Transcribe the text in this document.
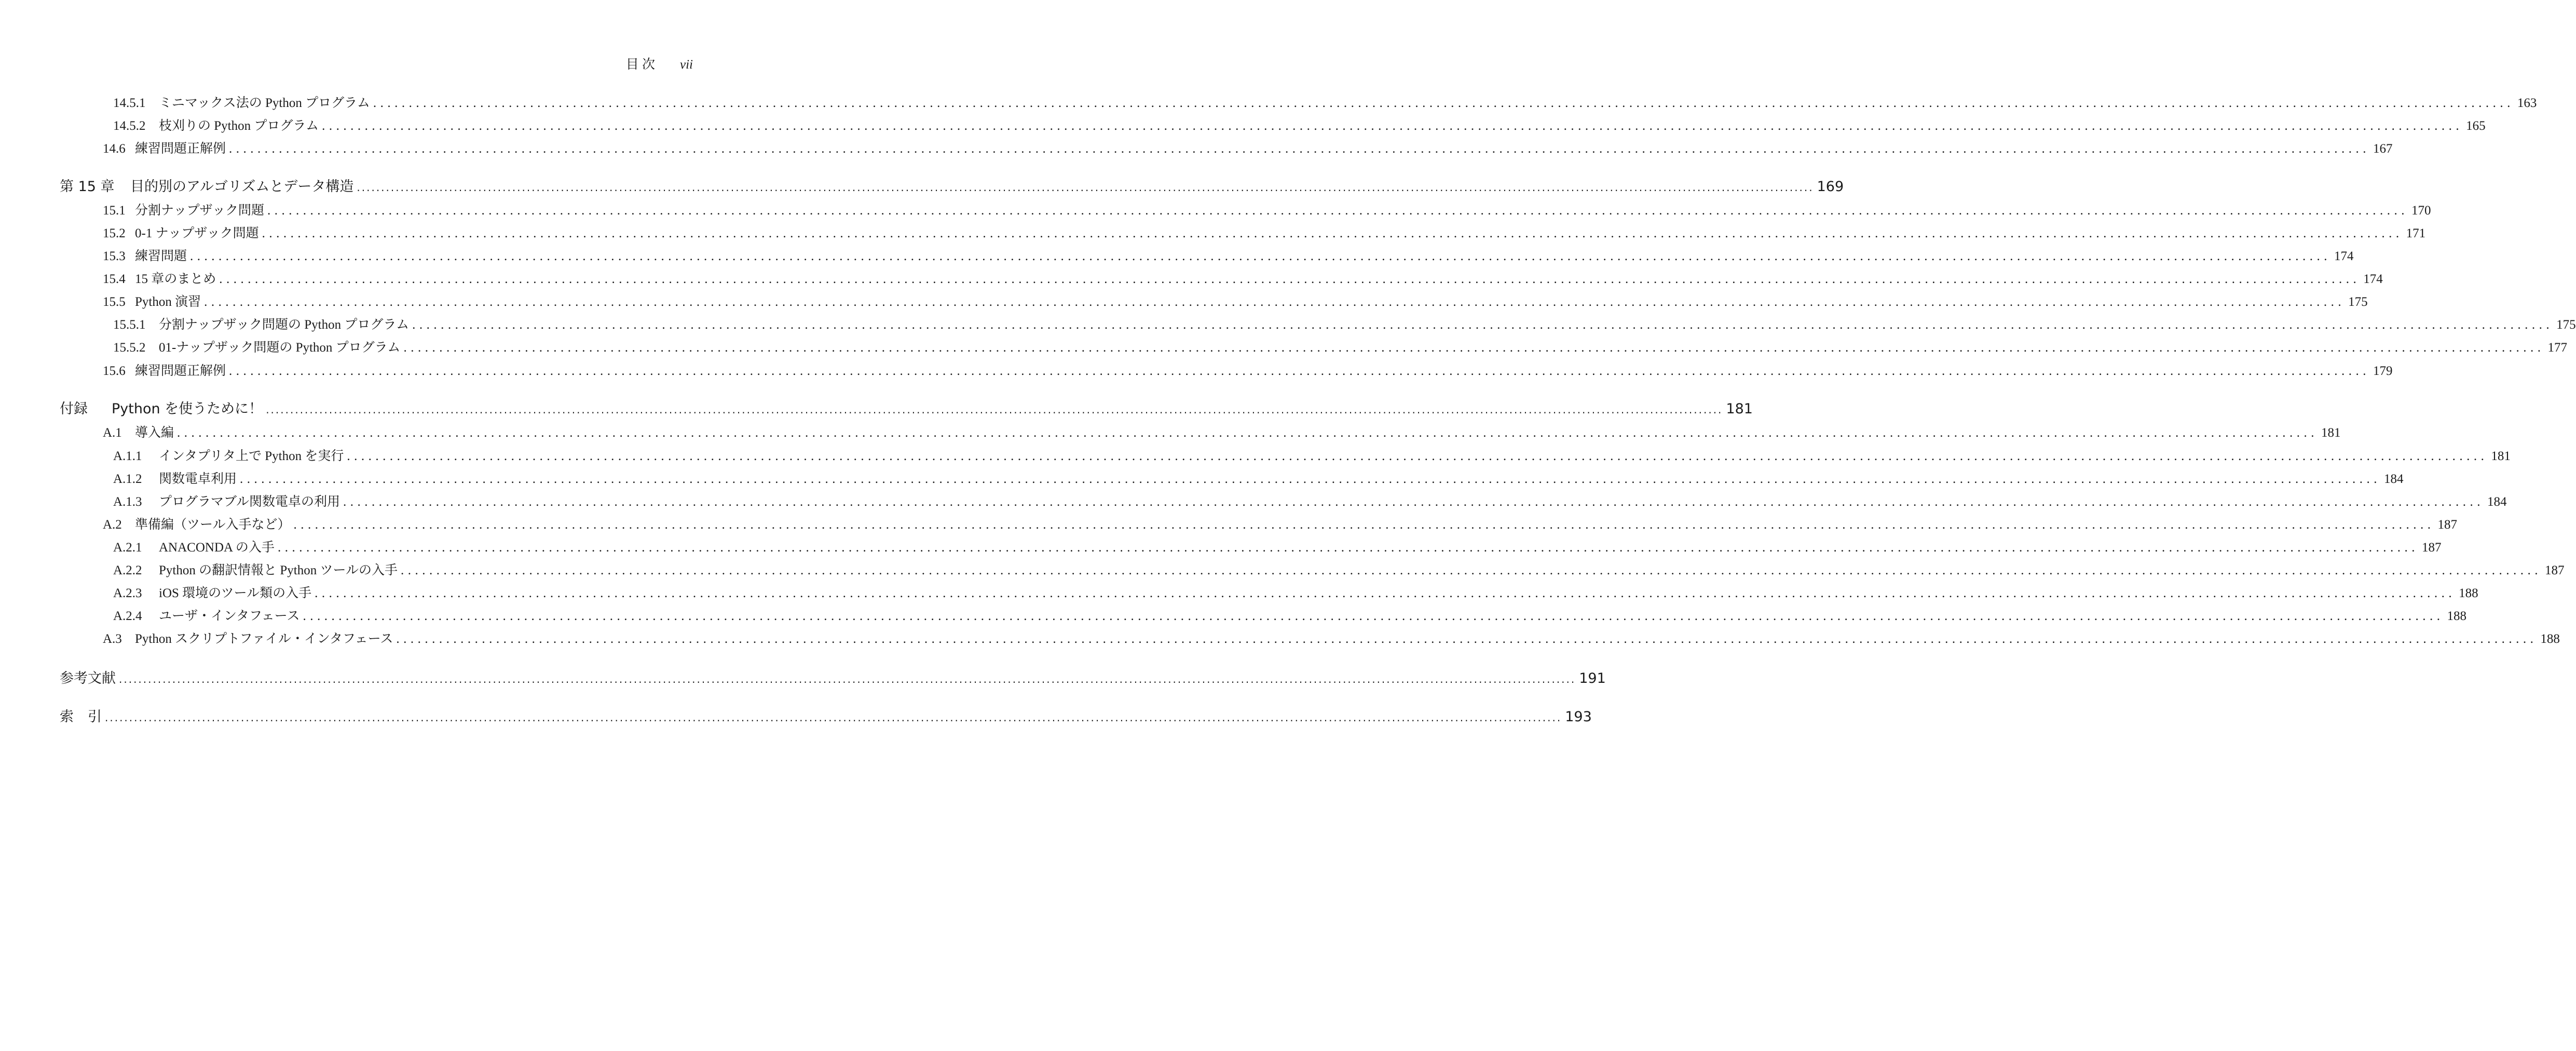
目 次 vii
14.5.1	ミニマックス法の Python プログラム ............................................................................................................................................................................................................................................................................................................ 163
14.5.2	枝刈りの Python プログラム ............................................................................................................................................................................................................................................................................................................ 165
14.6 練習問題正解例 ............................................................................................................................................................................................................................................................................................................ 167
第 15 章	目的別のアルゴリズムとデータ構造 ............................................................................................................................................................................................................................................................................................................ 169
15.1 分割ナップザック問題 ............................................................................................................................................................................................................................................................................................................ 170
15.2 0-1 ナップザック問題 ............................................................................................................................................................................................................................................................................................................ 171
15.3 練習問題 ............................................................................................................................................................................................................................................................................................................ 174
15.4 15 章のまとめ ............................................................................................................................................................................................................................................................................................................ 174
15.5 Python 演習 ............................................................................................................................................................................................................................................................................................................ 175
15.5.1	分割ナップザック問題の Python プログラム ............................................................................................................................................................................................................................................................................................................ 175
15.5.2	01-ナップザック問題の Python プログラム ............................................................................................................................................................................................................................................................................................................ 177
15.6 練習問題正解例 ............................................................................................................................................................................................................................................................................................................ 179
付録	Python を使うために！ ............................................................................................................................................................................................................................................................................................................ 181
A.1	導入編 ............................................................................................................................................................................................................................................................................................................ 181
A.1.1	インタプリタ上で Python を実行 ............................................................................................................................................................................................................................................................................................................ 181
A.1.2	関数電卓利用 ............................................................................................................................................................................................................................................................................................................ 184
A.1.3	プログラマブル関数電卓の利用 ............................................................................................................................................................................................................................................................................................................ 184
A.2	準備編（ツール入手など） ............................................................................................................................................................................................................................................................................................................ 187
A.2.1	ANACONDA の入手 ............................................................................................................................................................................................................................................................................................................ 187
A.2.2	Python の翻訳情報と Python ツールの入手 ............................................................................................................................................................................................................................................................................................................ 187
A.2.3	iOS 環境のツール類の入手 ............................................................................................................................................................................................................................................................................................................ 188
A.2.4	ユーザ・インタフェース ............................................................................................................................................................................................................................................................................................................ 188
A.3	Python スクリプトファイル・インタフェース ............................................................................................................................................................................................................................................................................................................ 188
参考文献 ............................................................................................................................................................................................................................................................................................................ 191
索　引 ............................................................................................................................................................................................................................................................................................................ 193
